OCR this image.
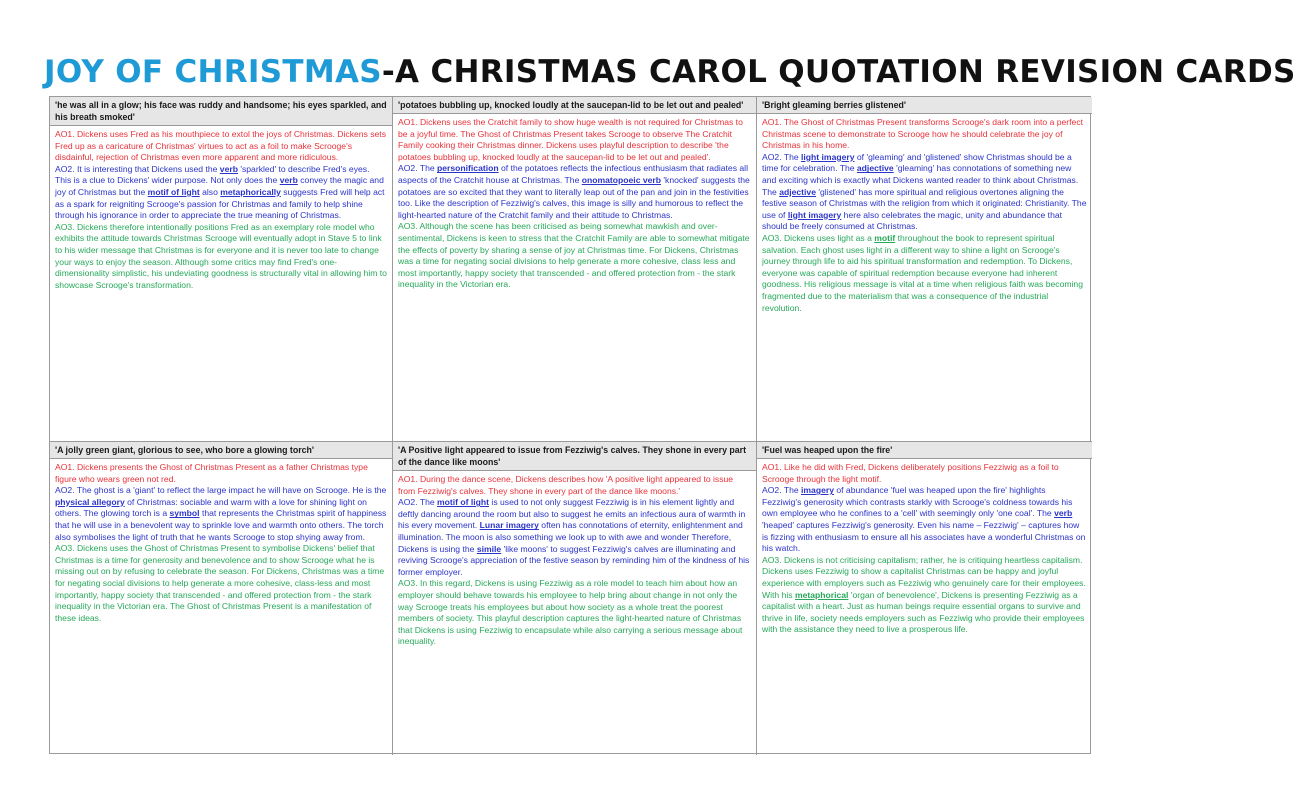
JOY OF CHRISTMAS-A CHRISTMAS CAROL QUOTATION REVISION CARDS
'he was all in a glow; his face was ruddy and handsome; his eyes sparkled, and his breath smoked'

AO1. Dickens uses Fred as his mouthpiece to extol the joys of Christmas. Dickens sets Fred up as a caricature of Christmas' virtues to act as a foil to make Scrooge's disdainful, rejection of Christmas even more apparent and more ridiculous.

AO2. It is interesting that Dickens used the verb 'sparkled' to describe Fred's eyes. This is a clue to Dickens' wider purpose. Not only does the verb convey the magic and joy of Christmas but the motif of light also metaphorically suggests Fred will help act as a spark for reigniting Scrooge's passion for Christmas and family to help shine through his ignorance in order to appreciate the true meaning of Christmas.

AO3. Dickens therefore intentionally positions Fred as an exemplary role model who exhibits the attitude towards Christmas Scrooge will eventually adopt in Stave 5 to link to his wider message that Christmas is for everyone and it is never too late to change your ways to enjoy the season. Although some critics may find Fred's one-dimensionality simplistic, his undeviating goodness is structurally vital in allowing him to showcase Scrooge's transformation.

'potatoes bubbling up, knocked loudly at the saucepan-lid to be let out and pealed'

AO1. Dickens uses the Cratchit family to show huge wealth is not required for Christmas to be a joyful time. The Ghost of Christmas Present takes Scrooge to observe The Cratchit Family cooking their Christmas dinner. Dickens uses playful description to describe 'the potatoes bubbling up, knocked loudly at the saucepan-lid to be let out and pealed'.

AO2. The personification of the potatoes reflects the infectious enthusiasm that radiates all aspects of the Cratchit house at Christmas. The onomatopoeic verb 'knocked' suggests the potatoes are so excited that they want to literally leap out of the pan and join in the festivities too. Like the description of Fezziwig's calves, this image is silly and humorous to reflect the light-hearted nature of the Cratchit family and their attitude to Christmas.

AO3. Although the scene has been criticised as being somewhat mawkish and over-sentimental, Dickens is keen to stress that the Cratchit Family are able to somewhat mitigate the effects of poverty by sharing a sense of joy at Christmas time. For Dickens, Christmas was a time for negating social divisions to help generate a more cohesive, class less and most importantly, happy society that transcended - and offered protection from - the stark inequality in the Victorian era.

'Bright gleaming berries glistened'

AO1. The Ghost of Christmas Present transforms Scrooge's dark room into a perfect Christmas scene to demonstrate to Scrooge how he should celebrate the joy of Christmas in his home.

AO2. The light imagery of 'gleaming' and 'glistened' show Christmas should be a time for celebration. The adjective 'gleaming' has connotations of something new and exciting which is exactly what Dickens wanted reader to think about Christmas. The adjective 'glistened' has more spiritual and religious overtones aligning the festive season of Christmas with the religion from which it originated: Christianity. The use of light imagery here also celebrates the magic, unity and abundance that should be freely consumed at Christmas.

AO3. Dickens uses light as a motif throughout the book to represent spiritual salvation. Each ghost uses light in a different way to shine a light on Scrooge's journey through life to aid his spiritual transformation and redemption. To Dickens, everyone was capable of spiritual redemption because everyone had inherent goodness. His religious message is vital at a time when religious faith was becoming fragmented due to the materialism that was a consequence of the industrial revolution.

'A jolly green giant, glorious to see, who bore a glowing torch'

AO1. Dickens presents the Ghost of Christmas Present as a father Christmas type figure who wears green not red.

AO2. The ghost is a 'giant' to reflect the large impact he will have on Scrooge. He is the physical allegory of Christmas: sociable and warm with a love for shining light on others. The glowing torch is a symbol that represents the Christmas spirit of happiness that he will use in a benevolent way to sprinkle love and warmth onto others. The torch also symbolises the light of truth that he wants Scrooge to stop shying away from.

AO3. Dickens uses the Ghost of Christmas Present to symbolise Dickens' belief that Christmas is a time for generosity and benevolence and to show Scrooge what he is missing out on by refusing to celebrate the season. For Dickens, Christmas was a time for negating social divisions to help generate a more cohesive, class-less and most importantly, happy society that transcended - and offered protection from - the stark inequality in the Victorian era. The Ghost of Christmas Present is a manifestation of these ideas.

'A Positive light appeared to issue from Fezziwig's calves. They shone in every part of the dance like moons'

AO1. During the dance scene, Dickens describes how 'A positive light appeared to issue from Fezziwig's calves. They shone in every part of the dance like moons.'

AO2. The motif of light is used to not only suggest Fezziwig is in his element lightly and deftly dancing around the room but also to suggest he emits an infectious aura of warmth in his every movement. Lunar imagery often has connotations of eternity, enlightenment and illumination. The moon is also something we look up to with awe and wonder Therefore, Dickens is using the simile 'like moons' to suggest Fezziwig's calves are illuminating and reviving Scrooge's appreciation of the festive season by reminding him of the kindness of his former employer.

AO3. In this regard, Dickens is using Fezziwig as a role model to teach him about how an employer should behave towards his employee to help bring about change in not only the way Scrooge treats his employees but about how society as a whole treat the poorest members of society. This playful description captures the light-hearted nature of Christmas that Dickens is using Fezziwig to encapsulate while also carrying a serious message about inequality.

'Fuel was heaped upon the fire'

AO1. Like he did with Fred, Dickens deliberately positions Fezziwig as a foil to Scrooge through the light motif.

AO2. The imagery of abundance 'fuel was heaped upon the fire' highlights Fezziwig's generosity which contrasts starkly with Scrooge's coldness towards his own employee who he confines to a 'cell' with seemingly only 'one coal'. The verb 'heaped' captures Fezziwig's generosity. Even his name – Fezziwig' – captures how is fizzing with enthusiasm to ensure all his associates have a wonderful Christmas on his watch.

AO3. Dickens is not criticising capitalism; rather, he is critiquing heartless capitalism. Dickens uses Fezziwig to show a capitalist Christmas can be happy and joyful experience with employers such as Fezziwig who genuinely care for their employees. With his metaphorical 'organ of benevolence', Dickens is presenting Fezziwig as a capitalist with a heart. Just as human beings require essential organs to survive and thrive in life, society needs employers such as Fezziwig who provide their employees with the assistance they need to live a prosperous life.
